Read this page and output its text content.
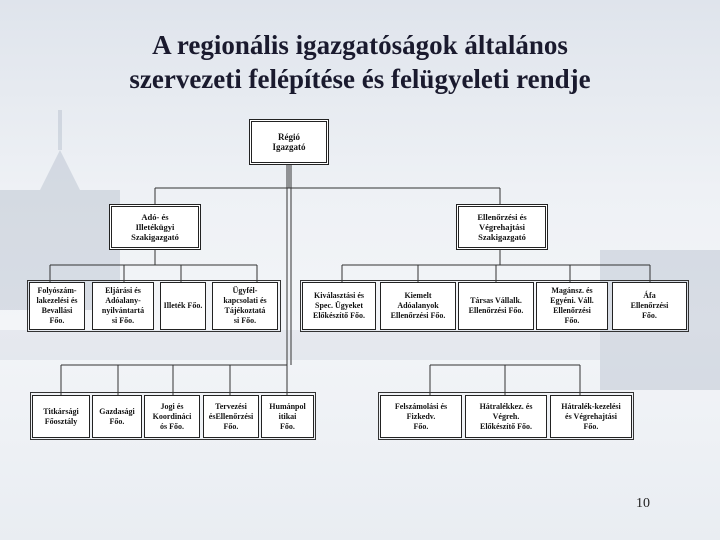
A regionális igazgatóságok általános
szervezeti felépítése és felügyeleti rendje
Régió
Igazgató
Adó- és
Illetékügyi
Szakigazgató
Ellenőrzési és
Végrehajtási
Szakigazgató
Folyószám-
lakezelési és
Bevallási
Főo.
Eljárási és
Adóalany-
nyilvántartá
si Főo.
Illeték Főo.
Ügyfél-
kapcsolati és
Tájékoztatá
si Főo.
Kiválasztási és
Spec. Ügyeket
Előkészítő Főo.
Kiemelt
Adóalanyok
Ellenőrzési Főo.
Társas Vállalk.
Ellenőrzési Főo.
Magánsz. és
Egyéni. Váll.
Ellenőrzési
Főo.
Áfa
Ellenőrzési
Főo.
Titkársági
Főosztály
Gazdasági
Főo.
Jogi és
Koordináci
ós Főo.
Tervezési
ésEllenőrzési
Főo.
Humánpol
itikai
Főo.
Felszámolási és
Fizkedv.
Főo.
Hátralékkez. és
Végreh.
Előkészítő Főo.
Hátralék-kezelési
és Végrehajtási
Főo.
10
